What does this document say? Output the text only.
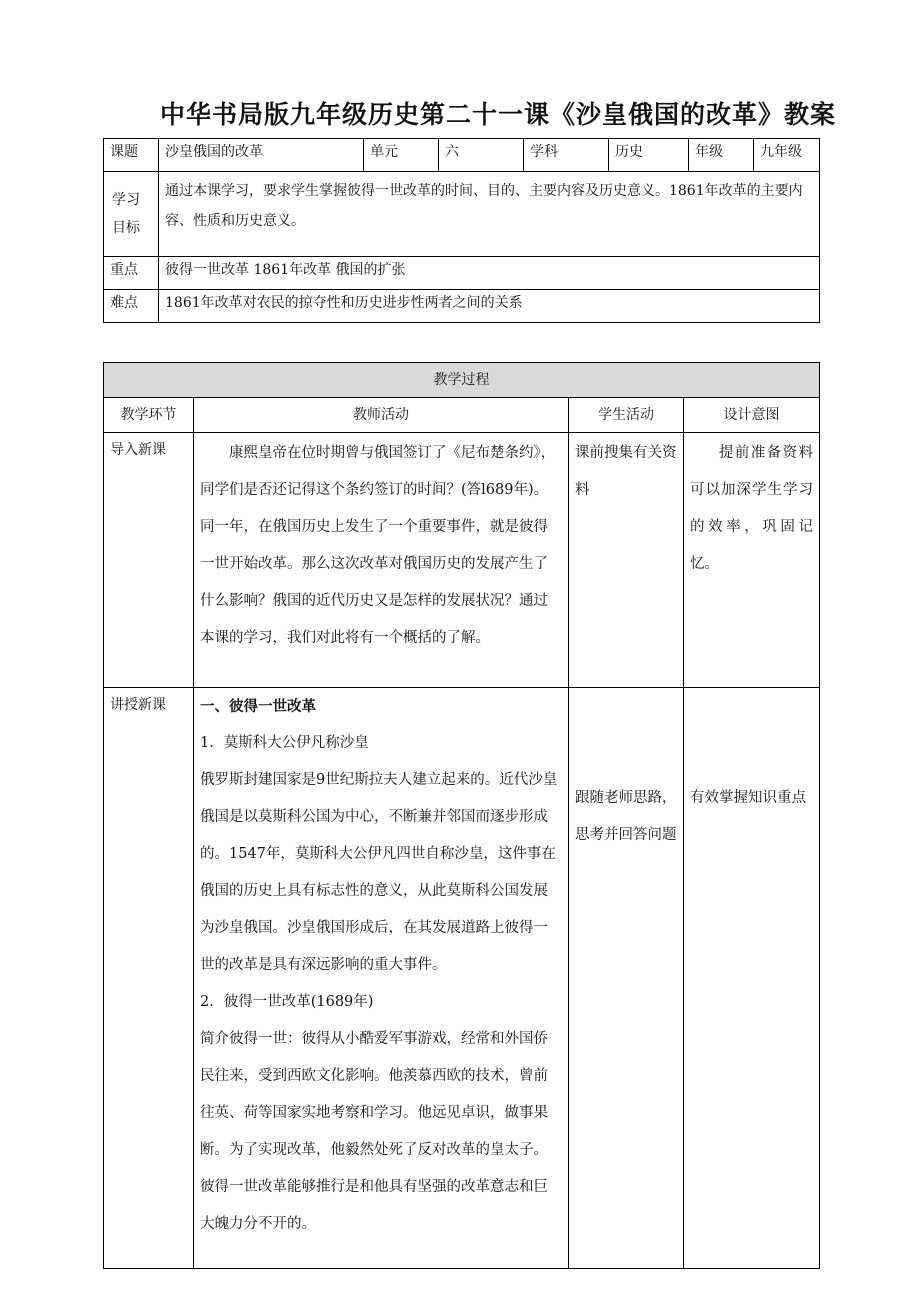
中华书局版九年级历史第二十一课《沙皇俄国的改革》教案
课题	沙皇俄国的改革	单元	六	学科	历史	年级	九年级
学习目标	通过本课学习，要求学生掌握彼得一世改革的时间、目的、主要内容及历史意义。1861年改革的主要内容、性质和历史意义。						
重点	彼得一世改革 1861年改革 俄国的扩张						
难点	1861年改革对农民的掠夺性和历史进步性两者之间的关系						
教学过程			
教学环节	教师活动	学生活动	设计意图
导入新课	康熙皇帝在位时期曾与俄国签订了《尼布楚条约》，同学们是否还记得这个条约签订的时间？(答l689年)。同一年，在俄国历史上发生了一个重要事件，就是彼得一世开始改革。那么这次改革对俄国历史的发展产生了什么影响？俄国的近代历史又是怎样的发展状况？通过本课的学习，我们对此将有一个概括的了解。	课前搜集有关资料	提前准备资料可以加深学生学习的效率，巩固记忆。
讲授新课	一、彼得一世改革
1．莫斯科大公伊凡称沙皇
俄罗斯封建国家是9世纪斯拉夫人建立起来的。近代沙皇俄国是以莫斯科公国为中心，不断兼并邻国而逐步形成的。1547年，莫斯科大公伊凡四世自称沙皇，这件事在俄国的历史上具有标志性的意义，从此莫斯科公国发展为沙皇俄国。沙皇俄国形成后，在其发展道路上彼得一世的改革是具有深远影响的重大事件。
2．彼得一世改革(1689年)
简介彼得一世：彼得从小酷爱军事游戏，经常和外国侨民往来，受到西欧文化影响。他羡慕西欧的技术，曾前往英、荷等国家实地考察和学习。他远见卓识，做事果断。为了实现改革，他毅然处死了反对改革的皇太子。彼得一世改革能够推行是和他具有坚强的改革意志和巨大魄力分不开的。	跟随老师思路，思考并回答问题	有效掌握知识重点
